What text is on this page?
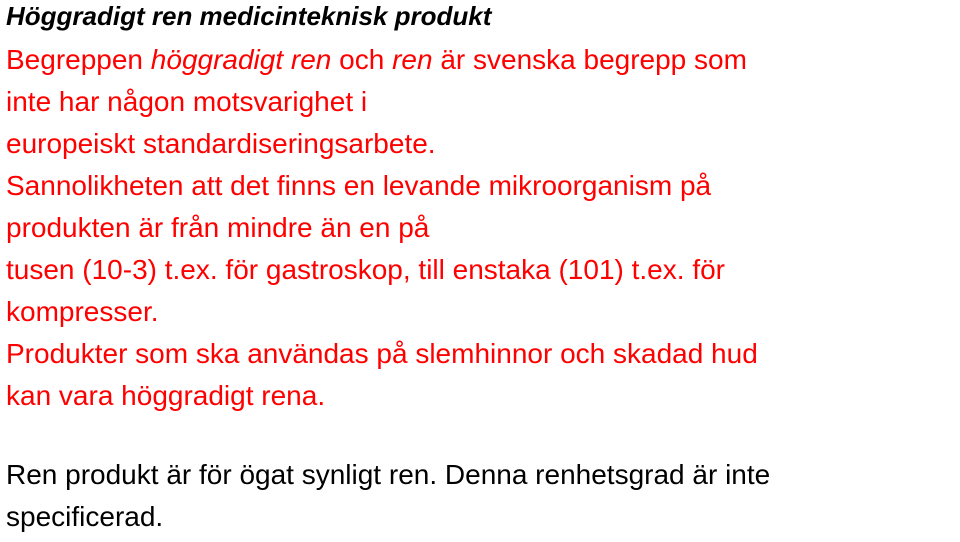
Höggradigt ren medicinteknisk produkt

Begreppen höggradigt ren och ren är svenska begrepp som
inte har någon motsvarighet i
europeiskt standardiseringsarbete.

Sannolikheten att det finns en levande mikroorganism på
produkten är från mindre än en på
tusen (10-3) t.ex. för gastroskop, till enstaka (101) t.ex. för
kompresser.

Produkter som ska användas på slemhinnor och skadad hud
kan vara höggradigt rena.

Ren produkt är för ögat synligt ren. Denna renhetsgrad är inte
specificerad.
